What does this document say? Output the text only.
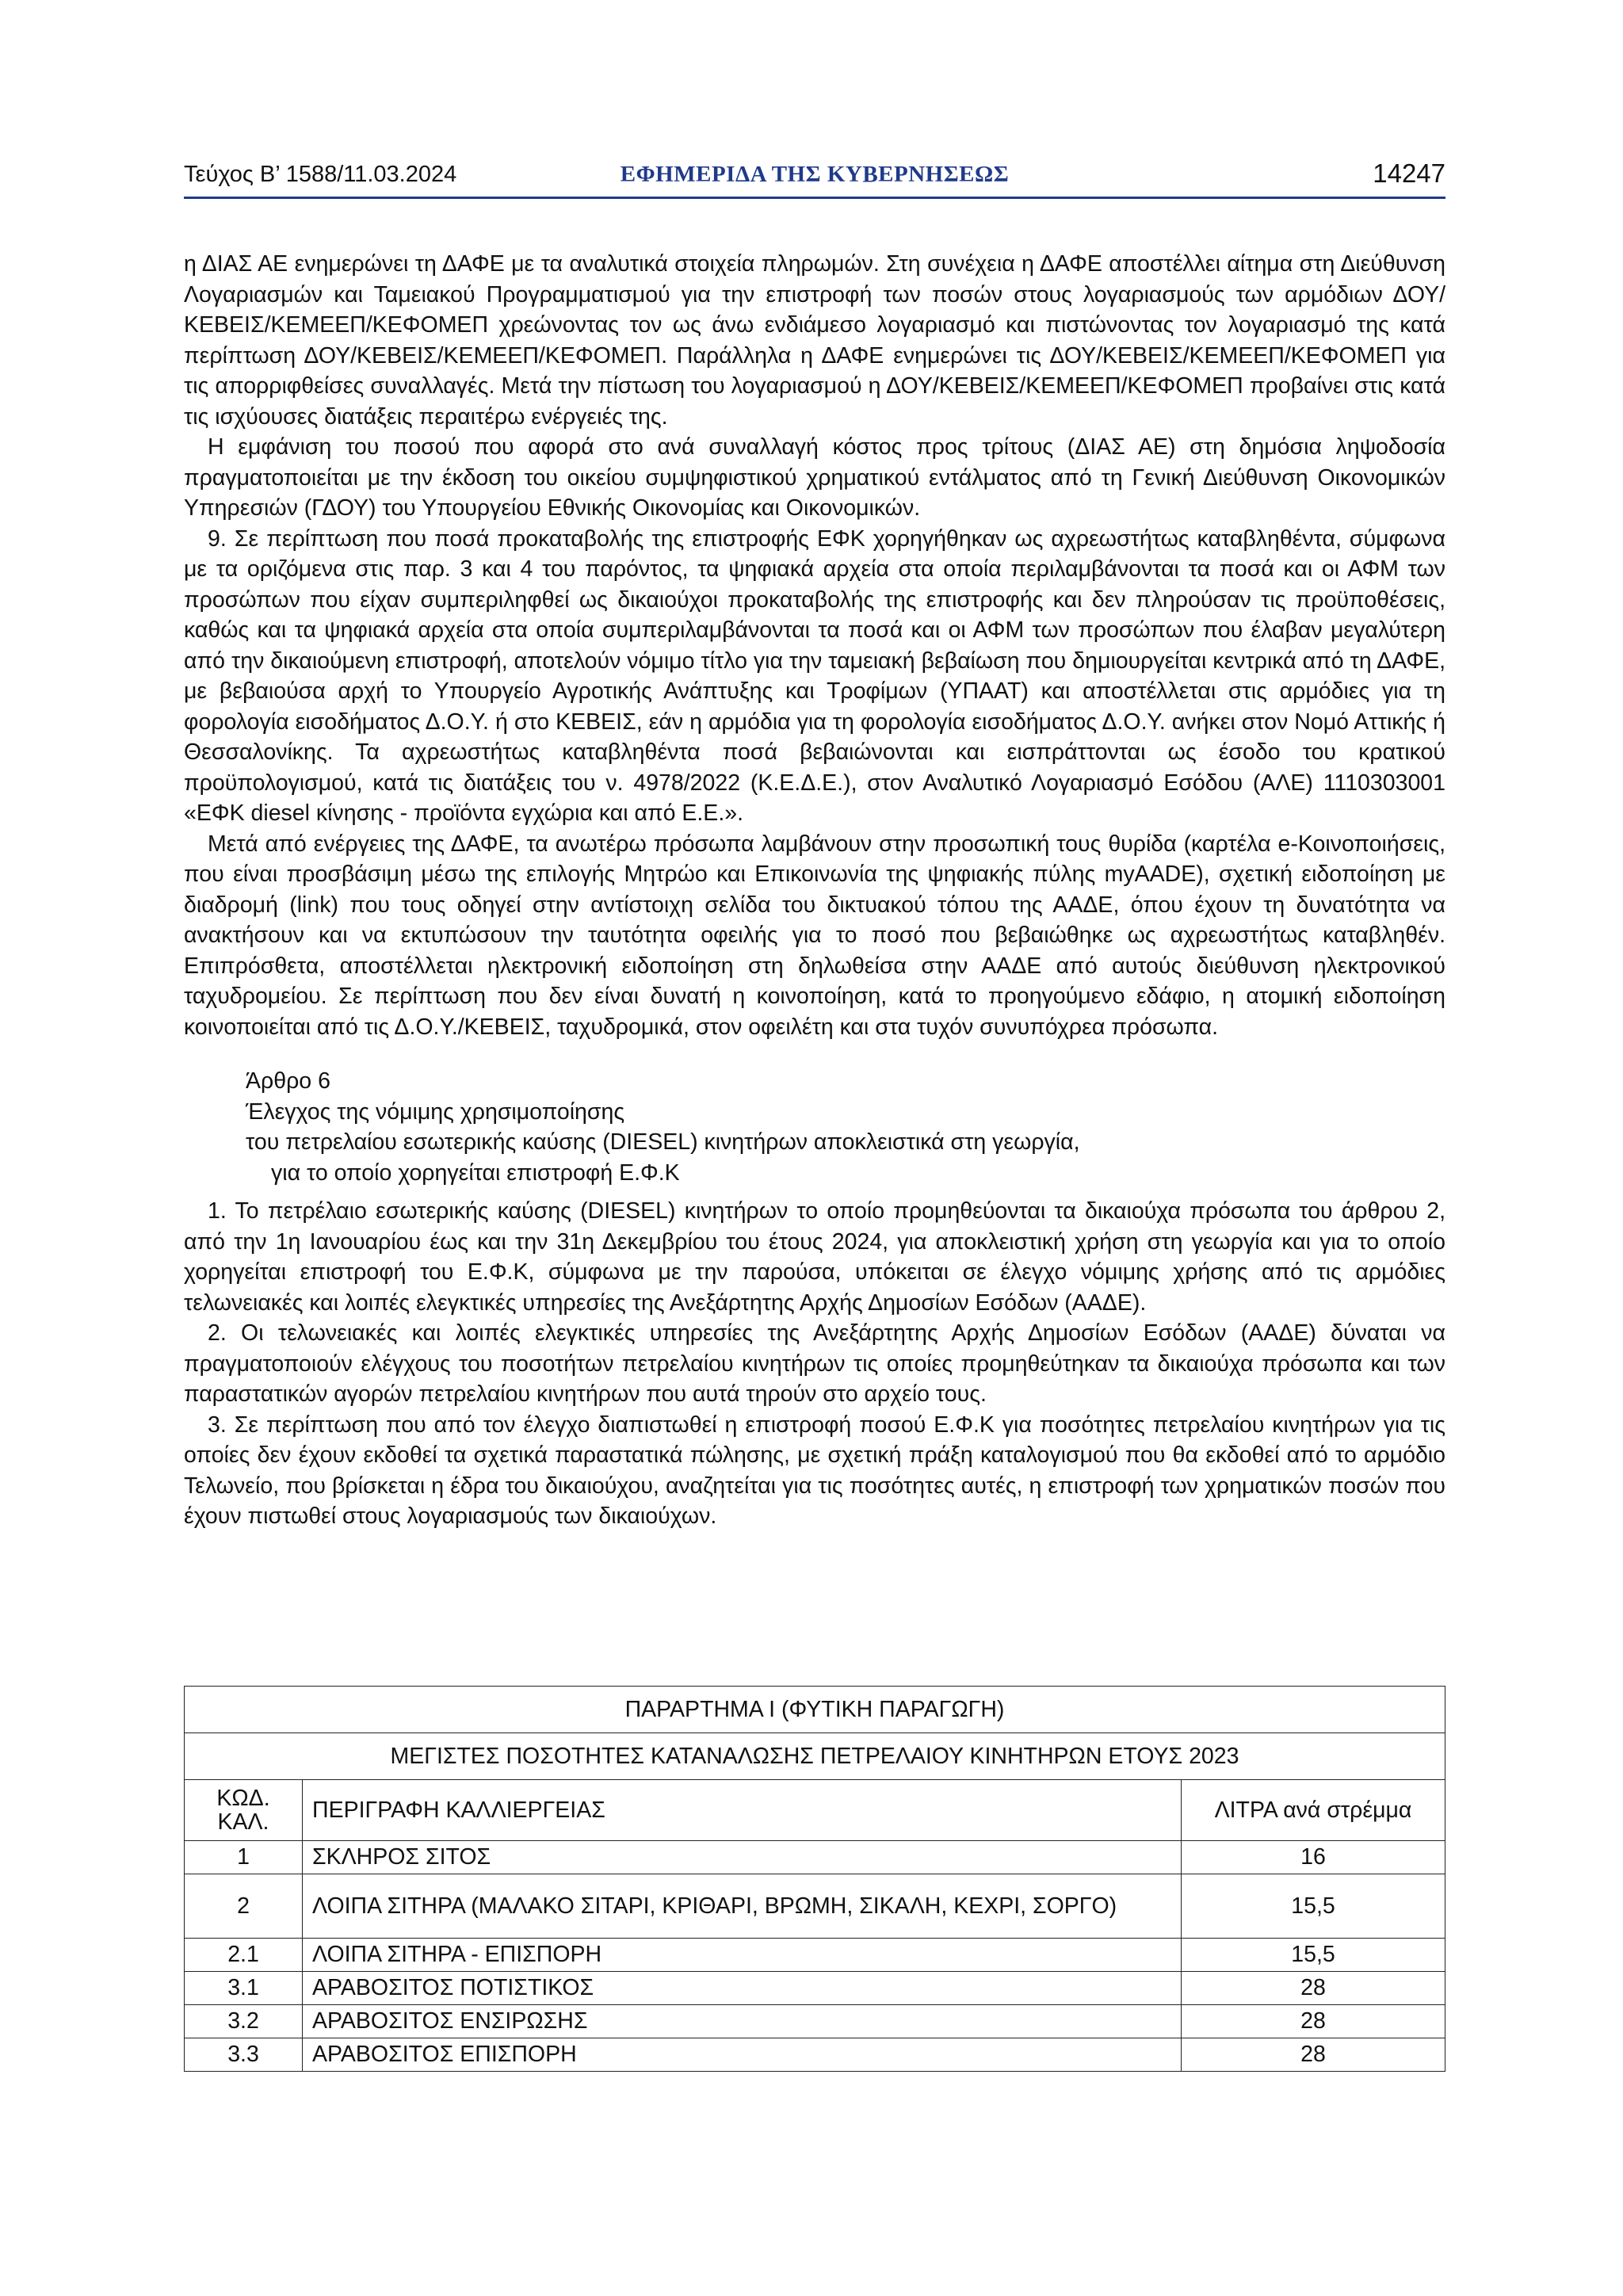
Τεύχος Β’ 1588/11.03.2024	ΕΦΗΜΕΡΙΔΑ ΤΗΣ ΚΥΒΕΡΝΗΣΕΩΣ	14247

η ΔΙΑΣ ΑΕ ενημερώνει τη ΔΑΦΕ με τα αναλυτικά στοιχεία πληρωμών. Στη συνέχεια η ΔΑΦΕ αποστέλλει αίτημα στη Διεύθυνση Λογαριασμών και Ταμειακού Προγραμματισμού για την επιστροφή των ποσών στους λογαριασμούς των αρμόδιων ΔΟΥ/ΚΕΒΕΙΣ/ΚΕΜΕΕΠ/ΚΕΦΟΜΕΠ χρεώνοντας τον ως άνω ενδιάμεσο λογαριασμό και πιστώνοντας τον λογαριασμό της κατά περίπτωση ΔΟΥ/ΚΕΒΕΙΣ/ΚΕΜΕΕΠ/ΚΕΦΟΜΕΠ. Παράλληλα η ΔΑΦΕ ενημερώνει τις ΔΟΥ/ΚΕΒΕΙΣ/ΚΕΜΕΕΠ/ΚΕΦΟΜΕΠ για τις απορριφθείσες συναλλαγές. Μετά την πίστωση του λογαριασμού η ΔΟΥ/ΚΕΒΕΙΣ/ΚΕΜΕΕΠ/ΚΕΦΟΜΕΠ προβαίνει στις κατά τις ισχύουσες διατάξεις περαιτέρω ενέργειές της.

Η εμφάνιση του ποσού που αφορά στο ανά συναλλαγή κόστος προς τρίτους (ΔΙΑΣ ΑΕ) στη δημόσια ληψοδοσία πραγματοποιείται με την έκδοση του οικείου συμψηφιστικού χρηματικού εντάλματος από τη Γενική Διεύθυνση Οικονομικών Υπηρεσιών (ΓΔΟΥ) του Υπουργείου Εθνικής Οικονομίας και Οικονομικών.

9. Σε περίπτωση που ποσά προκαταβολής της επιστροφής ΕΦΚ χορηγήθηκαν ως αχρεωστήτως καταβληθέντα, σύμφωνα με τα οριζόμενα στις παρ. 3 και 4 του παρόντος, τα ψηφιακά αρχεία στα οποία περιλαμβάνονται τα ποσά και οι ΑΦΜ των προσώπων που είχαν συμπεριληφθεί ως δικαιούχοι προκαταβολής της επιστροφής και δεν πληρούσαν τις προϋποθέσεις, καθώς και τα ψηφιακά αρχεία στα οποία συμπεριλαμβάνονται τα ποσά και οι ΑΦΜ των προσώπων που έλαβαν μεγαλύτερη από την δικαιούμενη επιστροφή, αποτελούν νόμιμο τίτλο για την ταμειακή βεβαίωση που δημιουργείται κεντρικά από τη ΔΑΦΕ, με βεβαιούσα αρχή το Υπουργείο Αγροτικής Ανάπτυξης και Τροφίμων (ΥΠΑΑΤ) και αποστέλλεται στις αρμόδιες για τη φορολογία εισοδήματος Δ.Ο.Υ. ή στο ΚΕΒΕΙΣ, εάν η αρμόδια για τη φορολογία εισοδήματος Δ.Ο.Υ. ανήκει στον Νομό Αττικής ή Θεσσαλονίκης. Τα αχρεωστήτως καταβληθέντα ποσά βεβαιώνονται και εισπράττονται ως έσοδο του κρατικού προϋπολογισμού, κατά τις διατάξεις του ν. 4978/2022 (Κ.Ε.Δ.Ε.), στον Αναλυτικό Λογαριασμό Εσόδου (ΑΛΕ) 1110303001 «ΕΦΚ diesel κίνησης - προϊόντα εγχώρια και από Ε.Ε.».

Μετά από ενέργειες της ΔΑΦΕ, τα ανωτέρω πρόσωπα λαμβάνουν στην προσωπική τους θυρίδα (καρτέλα e-Κοινοποιήσεις, που είναι προσβάσιμη μέσω της επιλογής Μητρώο και Επικοινωνία της ψηφιακής πύλης myAADE), σχετική ειδοποίηση με διαδρομή (link) που τους οδηγεί στην αντίστοιχη σελίδα του δικτυακού τόπου της ΑΑΔΕ, όπου έχουν τη δυνατότητα να ανακτήσουν και να εκτυπώσουν την ταυτότητα οφειλής για το ποσό που βεβαιώθηκε ως αχρεωστήτως καταβληθέν. Επιπρόσθετα, αποστέλλεται ηλεκτρονική ειδοποίηση στη δηλωθείσα στην ΑΑΔΕ από αυτούς διεύθυνση ηλεκτρονικού ταχυδρομείου. Σε περίπτωση που δεν είναι δυνατή η κοινοποίηση, κατά το προηγούμενο εδάφιο, η ατομική ειδοποίηση κοινοποιείται από τις Δ.Ο.Υ./ΚΕΒΕΙΣ, ταχυδρομικά, στον οφειλέτη και στα τυχόν συνυπόχρεα πρόσωπα.

Άρθρο 6
Έλεγχος της νόμιμης χρησιμοποίησης
του πετρελαίου εσωτερικής καύσης (DIESEL) κινητήρων αποκλειστικά στη γεωργία,
για το οποίο χορηγείται επιστροφή Ε.Φ.Κ

1. Το πετρέλαιο εσωτερικής καύσης (DIESEL) κινητήρων το οποίο προμηθεύονται τα δικαιούχα πρόσωπα του άρθρου 2, από την 1η Ιανουαρίου έως και την 31η Δεκεμβρίου του έτους 2024, για αποκλειστική χρήση στη γεωργία και για το οποίο χορηγείται επιστροφή του Ε.Φ.Κ, σύμφωνα με την παρούσα, υπόκειται σε έλεγχο νόμιμης χρήσης από τις αρμόδιες τελωνειακές και λοιπές ελεγκτικές υπηρεσίες της Ανεξάρτητης Αρχής Δημοσίων Εσόδων (ΑΑΔΕ).

2. Οι τελωνειακές και λοιπές ελεγκτικές υπηρεσίες της Ανεξάρτητης Αρχής Δημοσίων Εσόδων (ΑΑΔΕ) δύναται να πραγματοποιούν ελέγχους του ποσοτήτων πετρελαίου κινητήρων τις οποίες προμηθεύτηκαν τα δικαιούχα πρόσωπα και των παραστατικών αγορών πετρελαίου κινητήρων που αυτά τηρούν στο αρχείο τους.

3. Σε περίπτωση που από τον έλεγχο διαπιστωθεί η επιστροφή ποσού Ε.Φ.Κ για ποσότητες πετρελαίου κινητήρων για τις οποίες δεν έχουν εκδοθεί τα σχετικά παραστατικά πώλησης, με σχετική πράξη καταλογισμού που θα εκδοθεί από το αρμόδιο Τελωνείο, που βρίσκεται η έδρα του δικαιούχου, αναζητείται για τις ποσότητες αυτές, η επιστροφή των χρηματικών ποσών που έχουν πιστωθεί στους λογαριασμούς των δικαιούχων.

ΠΑΡΑΡΤΗΜΑ Ι (ΦΥΤΙΚΗ ΠΑΡΑΓΩΓΗ)		
ΜΕΓΙΣΤΕΣ ΠΟΣΟΤΗΤΕΣ ΚΑΤΑΝΑΛΩΣΗΣ ΠΕΤΡΕΛΑΙΟΥ ΚΙΝΗΤΗΡΩΝ ΕΤΟΥΣ 2023		
ΚΩΔ.
ΚΑΛ.	ΠΕΡΙΓΡΑΦΗ ΚΑΛΛΙΕΡΓΕΙΑΣ	ΛΙΤΡΑ ανά στρέμμα
1	ΣΚΛΗΡΟΣ ΣΙΤΟΣ	16
2	ΛΟΙΠΑ ΣΙΤΗΡΑ (ΜΑΛΑΚΟ ΣΙΤΑΡΙ, ΚΡΙΘΑΡΙ, ΒΡΩΜΗ, ΣΙΚΑΛΗ, ΚΕΧΡΙ, ΣΟΡΓΟ)	15,5
2.1	ΛΟΙΠΑ ΣΙΤΗΡΑ - ΕΠΙΣΠΟΡΗ	15,5
3.1	ΑΡΑΒΟΣΙΤΟΣ ΠΟΤΙΣΤΙΚΟΣ	28
3.2	ΑΡΑΒΟΣΙΤΟΣ ΕΝΣΙΡΩΣΗΣ	28
3.3	ΑΡΑΒΟΣΙΤΟΣ ΕΠΙΣΠΟΡΗ	28
